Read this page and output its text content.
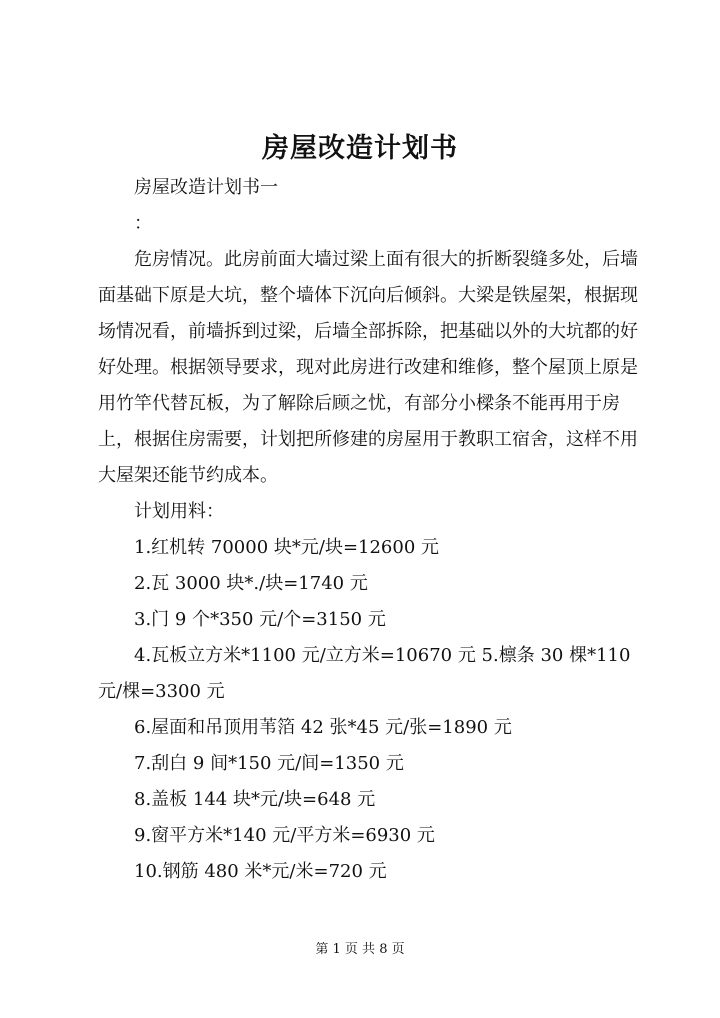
房屋改造计划书

房屋改造计划书一

：

危房情况。此房前面大墙过梁上面有很大的折断裂缝多处，后墙面基础下原是大坑，整个墙体下沉向后倾斜。大梁是铁屋架，根据现场情况看，前墙拆到过梁，后墙全部拆除，把基础以外的大坑都的好好处理。根据领导要求，现对此房进行改建和维修，整个屋顶上原是用竹竿代替瓦板，为了解除后顾之忧，有部分小樑条不能再用于房上，根据住房需要，计划把所修建的房屋用于教职工宿舍，这样不用大屋架还能节约成本。

计划用料：

1.红机转 70000 块*元/块=12600 元

2.瓦 3000 块*./块=1740 元

3.门 9 个*350 元/个=3150 元

4.瓦板立方米*1100 元/立方米=10670 元 5.檩条 30 棵*110 元/棵=3300 元

6.屋面和吊顶用苇箔 42 张*45 元/张=1890 元

7.刮白 9 间*150 元/间=1350 元

8.盖板 144 块*元/块=648 元

9.窗平方米*140 元/平方米=6930 元

10.钢筋 480 米*元/米=720 元

第 1 页 共 8 页
